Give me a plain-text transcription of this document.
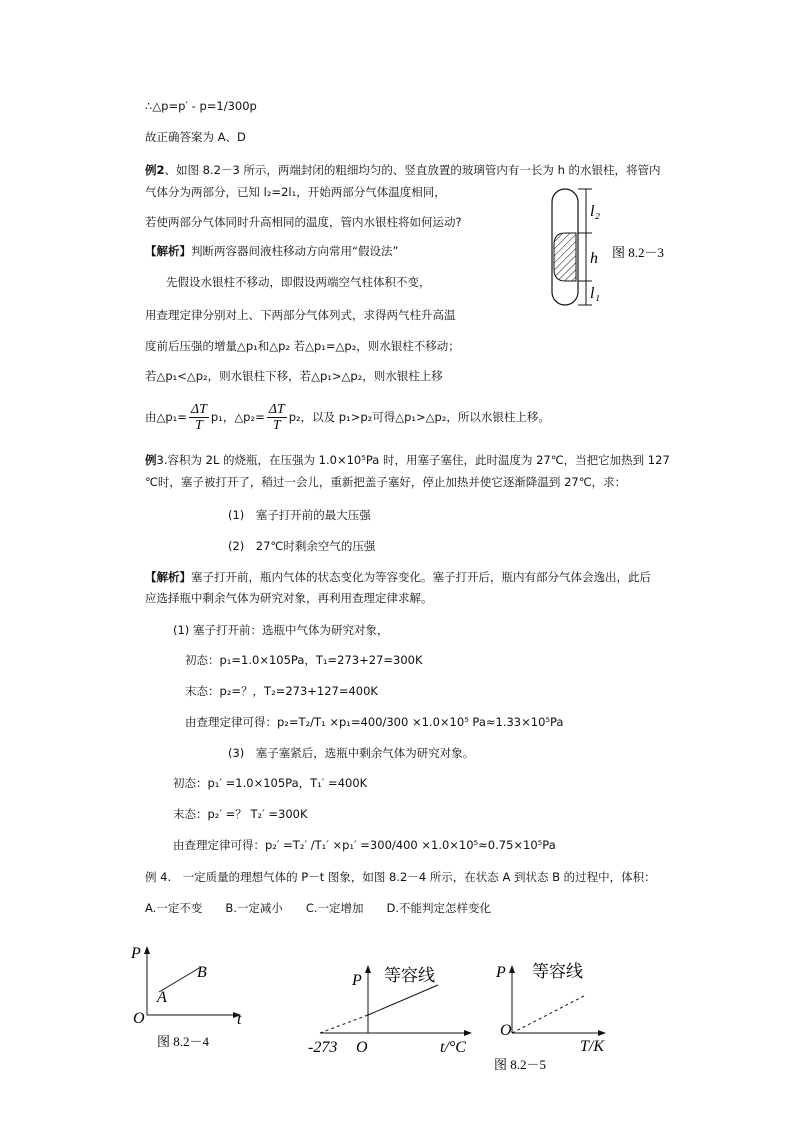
∴△p=p′ - p=1/300p
故正确答案为 A、D
例2、如图 8.2－3 所示，两端封闭的粗细均匀的、竖直放置的玻璃管内有一长为 h 的水银柱，将管内
气体分为两部分，已知 l₂=2l₁，开始两部分气体温度相同，
若使两部分气体同时升高相同的温度，管内水银柱将如何运动?
【解析】判断两容器间液柱移动方向常用“假设法”
先假设水银柱不移动，即假设两端空气柱体积不变，
用查理定律分别对上、下两部分气体列式，求得两气柱升高温
度前后压强的增量△p₁和△p₂ 若△p₁=△p₂，则水银柱不移动；
若△p₁<△p₂，则水银柱下移，若△p₁>△p₂，则水银柱上移
由△p₁= $\frac{\Delta T}{T} p_1$，△p₂= $\frac{\Delta T}{T} p_2$，以及 p₁>p₂可得△p₁>△p₂，所以水银柱上移。
l₂
h
l₁
图 8.2－3
例3.容积为 2L 的烧瓶，在压强为 1.0×10⁵Pa 时，用塞子塞住，此时温度为 27℃，当把它加热到 127
℃时，塞子被打开了，稍过一会儿，重新把盖子塞好，停止加热并使它逐渐降温到 27℃，求：
(1)　塞子打开前的最大压强
(2)　27℃时剩余空气的压强
【解析】塞子打开前，瓶内气体的状态变化为等容变化。塞子打开后，瓶内有部分气体会逸出，此后
应选择瓶中剩余气体为研究对象，再利用查理定律求解。
(1) 塞子打开前：选瓶中气体为研究对象，
初态：p₁=1.0×105Pa，T₁=273+27=300K
末态：p₂=？，T₂=273+127=400K
由查理定律可得：p₂=T₂/T₁ ×p₁=400/300 ×1.0×10⁵ Pa≈1.33×10⁵Pa
(3)　塞子塞紧后，选瓶中剩余气体为研究对象。
初态：p₁′ =1.0×105Pa，T₁′ =400K
末态：p₂′ =？ T₂′ =300K
由查理定律可得：p₂′ =T₂′ /T₁′ ×p₁′ =300/400 ×1.0×10⁵≈0.75×10⁵Pa
例 4.　一定质量的理想气体的 P－t 图象，如图 8.2－4 所示，在状态 A 到状态 B 的过程中，体积：
A.一定不变　　B.一定减小　　C.一定增加　　D.不能判定怎样变化
P
O	t
A
B
图 8.2－4
P 等容线
-273 O	t/°C
P 等容线
O
T/K
图 8.2－5
